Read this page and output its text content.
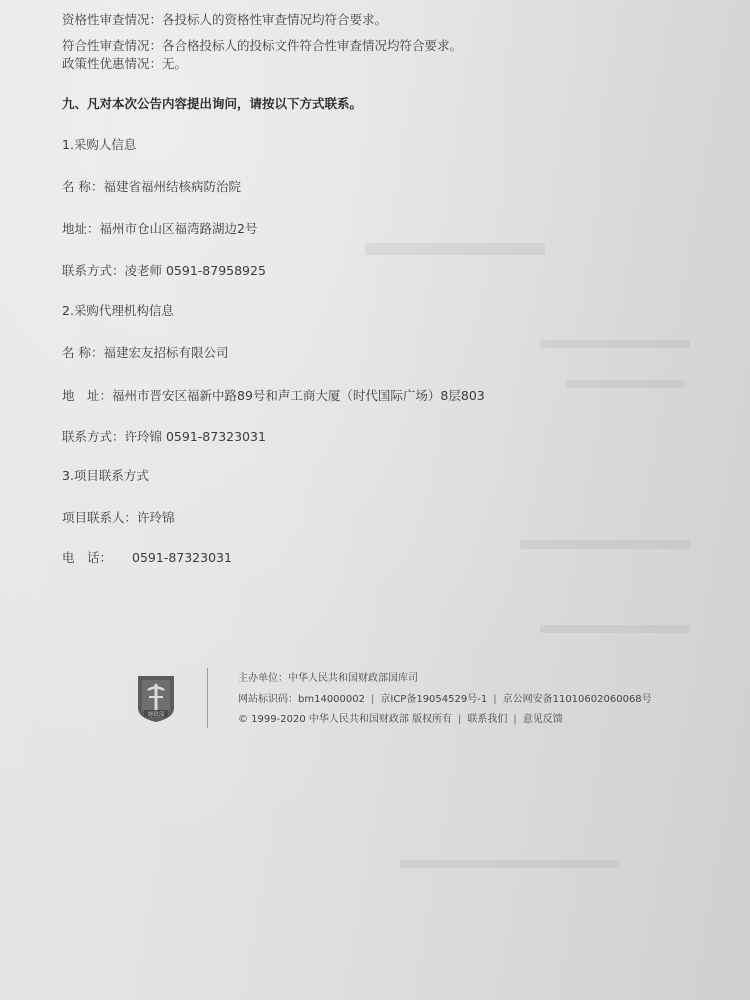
资格性审查情况：各投标人的资格性审查情况均符合要求。
符合性审查情况：各合格投标人的投标文件符合性审查情况均符合要求。
政策性优惠情况：无。
九、凡对本次公告内容提出询问，请按以下方式联系。
1.采购人信息
名 称：福建省福州结核病防治院
地址：福州市仓山区福湾路湖边2号
联系方式：凌老师 0591-87958925
2.采购代理机构信息
名 称：福建宏友招标有限公司
地　址：福州市晋安区福新中路89号和声工商大厦（时代国际广场）8层803
联系方式：许玲锦 0591-87323031
3.项目联系方式
项目联系人：许玲锦
电　话： 0591-87323031
财政部
主办单位：中华人民共和国财政部国库司
网站标识码：bm14000002 | 京ICP备19054529号-1 | 京公网安备11010602060068号
© 1999-2020 中华人民共和国财政部 版权所有 | 联系我们 | 意见反馈
